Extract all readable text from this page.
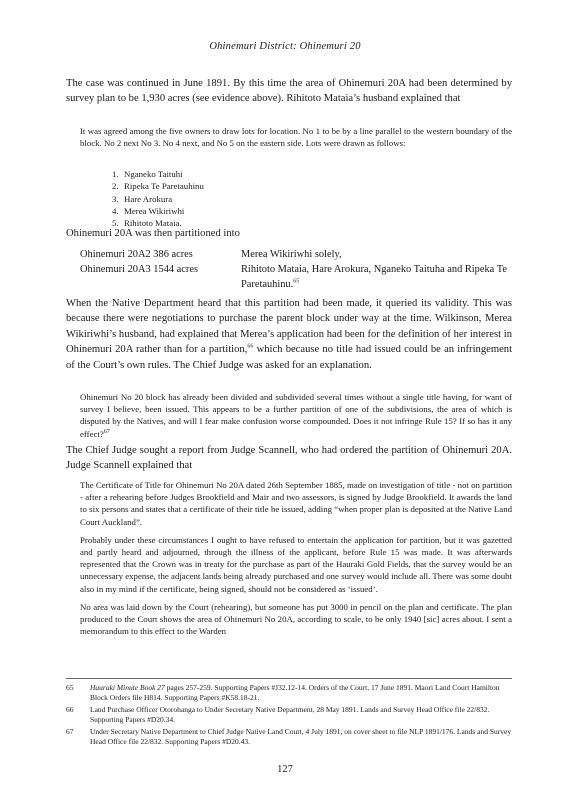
Ohinemuri District: Ohinemuri 20
The case was continued in June 1891. By this time the area of Ohinemuri 20A had been determined by survey plan to be 1,930 acres (see evidence above). Rihitoto Mataia’s husband explained that

It was agreed among the five owners to draw lots for location. No 1 to be by a line parallel to the western boundary of the block. No 2 next No 3. No 4 next, and No 5 on the eastern side. Lots were drawn as follows:

1. Nganeko Taituhi
2. Ripeka Te Paretauhinu
3. Hare Arokura
4. Merea Wikiriwhi
5. Rihitoto Mataia.
Ohinemuri 20A was then partitioned into
Ohinemuri 20A2 386 acres	Merea Wikiriwhi solely,
Ohinemuri 20A3 1544 acres	Rihitoto Mataia, Hare Arokura, Nganeko Taituha and Ripeka Te Paretauhinu.$^{65}$
When the Native Department heard that this partition had been made, it queried its validity. This was because there were negotiations to purchase the parent block under way at the time. Wilkinson, Merea Wikiriwhi’s husband, had explained that Merea’s application had been for the definition of her interest in Ohinemuri 20A rather than for a partition,$^{66}$ which because no title had issued could be an infringement of the Court’s own rules. The Chief Judge was asked for an explanation.

Ohinemuri No 20 block has already been divided and subdivided several times without a single title having, for want of survey I believe, been issued. This appears to be a further partition of one of the subdivisions, the area of which is disputed by the Natives, and will I fear make confusion worse compounded. Does it not infringe Rule 15? If so has it any effect?$^{67}$

The Chief Judge sought a report from Judge Scannell, who had ordered the partition of Ohinemuri 20A. Judge Scannell explained that

The Certificate of Title for Ohinemuri No 20A dated 26th September 1885, made on investigation of title - not on partition - after a rehearing before Judges Brookfield and Mair and two assessors, is signed by Judge Brookfield. It awards the land to six persons and states that a certificate of their title be issued, adding “when proper plan is deposited at the Native Land Court Auckland”.

Probably under these circumstances I ought to have refused to entertain the application for partition, but it was gazetted and partly heard and adjourned, through the illness of the applicant, before Rule 15 was made. It was afterwards represented that the Crown was in treaty for the purchase as part of the Hauraki Gold Fields, that the survey would be an unnecessary expense, the adjacent lands being already purchased and one survey would include all. There was some doubt also in my mind if the certificate, being signed, should not be considered as ‘issued’.

No area was laid down by the Court (rehearing), but someone has put 3000 in pencil on the plan and certificate. The plan produced to the Court shows the area of Ohinemuri No 20A, according to scale, to be only 1940 [sic] acres about. I sent a memorandum to this effect to the Warden

65	Hauraki Minute Book 27 pages 257-259. Supporting Papers #J32.12-14. Orders of the Court, 17 June 1891. Maori Land Court Hamilton Block Orders file H814. Supporting Papers #K58.18-21.
66	Land Purchase Officer Otorohanga to Under Secretary Native Department, 28 May 1891. Lands and Survey Head Office file 22/832. Supporting Papers #D20.34.
67	Under Secretary Native Department to Chief Judge Native Land Court, 4 July 1891, on cover sheet to file NLP 1891/176. Lands and Survey Head Office file 22/832. Supporting Papers #D20.43.
127
